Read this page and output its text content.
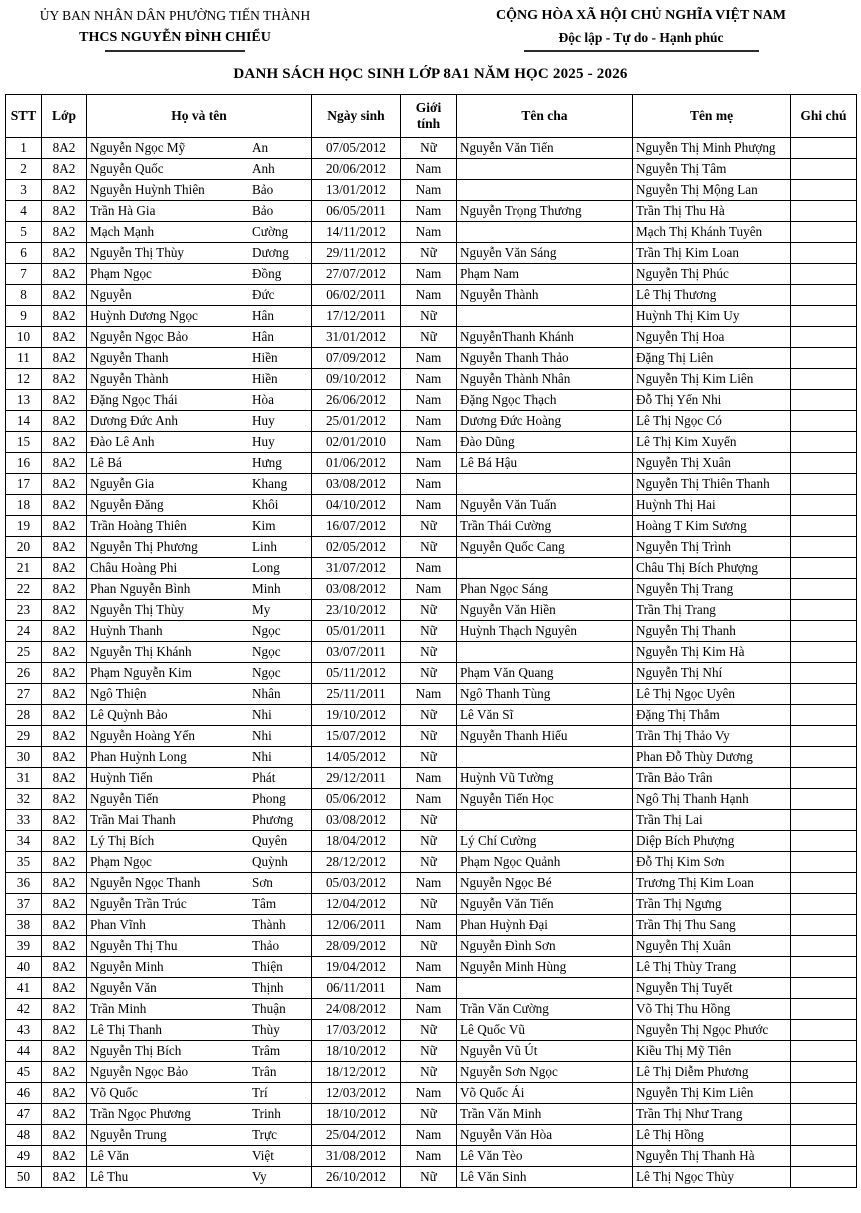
ỦY BAN NHÂN DÂN PHƯỜNG TIẾN THÀNH
THCS NGUYỄN ĐÌNH CHIỂU
CỘNG HÒA XÃ HỘI CHỦ NGHĨA VIỆT NAM
Độc lập - Tự do - Hạnh phúc
DANH SÁCH HỌC SINH LỚP 8A1 NĂM HỌC 2025 - 2026
STT	Lớp	Họ và tên	Ngày sinh	Giới tính	Tên cha	Tên mẹ	Ghi chú
1	8A2	Nguyễn Ngọc Mỹ An	07/05/2012	Nữ	Nguyễn Văn Tiến	Nguyễn Thị Minh Phượng	
2	8A2	Nguyễn Quốc Anh	20/06/2012	Nam		Nguyễn Thị Tâm	
3	8A2	Nguyễn Huỳnh Thiên Bảo	13/01/2012	Nam		Nguyễn Thị Mộng Lan	
4	8A2	Trần Hà Gia Bảo	06/05/2011	Nam	Nguyễn Trọng Thương	Trần Thị Thu Hà	
5	8A2	Mạch Mạnh Cường	14/11/2012	Nam		Mạch Thị Khánh Tuyên	
6	8A2	Nguyễn Thị Thùy Dương	29/11/2012	Nữ	Nguyễn Văn Sáng	Trần Thị Kim Loan	
7	8A2	Phạm Ngọc Đồng	27/07/2012	Nam	Phạm Nam	Nguyễn Thị Phúc	
8	8A2	Nguyễn Đức	06/02/2011	Nam	Nguyễn Thành	Lê Thị Thương	
9	8A2	Huỳnh Dương Ngọc Hân	17/12/2011	Nữ		Huỳnh Thị Kim Uy	
10	8A2	Nguyễn Ngọc Bảo Hân	31/01/2012	Nữ	NguyễnThanh Khánh	Nguyễn Thị Hoa	
11	8A2	Nguyễn Thanh Hiền	07/09/2012	Nam	Nguyễn Thanh Thảo	Đặng Thị Liên	
12	8A2	Nguyễn Thành Hiền	09/10/2012	Nam	Nguyễn Thành Nhân	Nguyễn Thị Kim Liên	
13	8A2	Đặng Ngọc Thái Hòa	26/06/2012	Nam	Đặng Ngọc Thạch	Đỗ Thị Yến Nhi	
14	8A2	Dương Đức Anh Huy	25/01/2012	Nam	Dương Đức Hoàng	Lê Thị Ngọc Có	
15	8A2	Đào Lê Anh Huy	02/01/2010	Nam	Đào Dũng	Lê Thị Kim Xuyến	
16	8A2	Lê Bá Hưng	01/06/2012	Nam	Lê Bá Hậu	Nguyễn Thị Xuân	
17	8A2	Nguyễn Gia Khang	03/08/2012	Nam		Nguyễn Thị Thiên Thanh	
18	8A2	Nguyễn Đăng Khôi	04/10/2012	Nam	Nguyễn Văn Tuấn	Huỳnh Thị Hai	
19	8A2	Trần Hoàng Thiên Kim	16/07/2012	Nữ	Trần Thái Cường	Hoàng T Kim Sương	
20	8A2	Nguyễn Thị Phương Linh	02/05/2012	Nữ	Nguyễn Quốc Cang	Nguyễn Thị Trình	
21	8A2	Châu Hoàng Phi Long	31/07/2012	Nam		Châu Thị Bích Phượng	
22	8A2	Phan Nguyễn Bình Minh	03/08/2012	Nam	Phan Ngọc Sáng	Nguyễn Thị Trang	
23	8A2	Nguyễn Thị Thùy My	23/10/2012	Nữ	Nguyễn Văn Hiền	Trần Thị Trang	
24	8A2	Huỳnh Thanh Ngọc	05/01/2011	Nữ	Huỳnh Thạch Nguyên	Nguyễn Thị Thanh	
25	8A2	Nguyễn Thị Khánh Ngọc	03/07/2011	Nữ		Nguyễn Thị Kim Hà	
26	8A2	Phạm Nguyễn Kim Ngọc	05/11/2012	Nữ	Phạm Văn Quang	Nguyễn Thị Nhí	
27	8A2	Ngô Thiện Nhân	25/11/2011	Nam	Ngô Thanh Tùng	Lê Thị Ngọc Uyên	
28	8A2	Lê Quỳnh Bảo Nhi	19/10/2012	Nữ	Lê Văn Sĩ	Đặng Thị Thắm	
29	8A2	Nguyễn Hoàng Yến Nhi	15/07/2012	Nữ	Nguyễn Thanh Hiếu	Trần Thị Thảo Vy	
30	8A2	Phan Huỳnh Long Nhi	14/05/2012	Nữ		Phan Đỗ Thùy Dương	
31	8A2	Huỳnh Tiến Phát	29/12/2011	Nam	Huỳnh Vũ Tường	Trần Bảo Trân	
32	8A2	Nguyễn Tiến Phong	05/06/2012	Nam	Nguyễn Tiến Học	Ngô Thị Thanh Hạnh	
33	8A2	Trần Mai Thanh Phương	03/08/2012	Nữ		Trần Thị Lai	
34	8A2	Lý Thị Bích Quyên	18/04/2012	Nữ	Lý Chí Cường	Diệp Bích Phượng	
35	8A2	Phạm Ngọc Quỳnh	28/12/2012	Nữ	Phạm Ngọc Quảnh	Đỗ Thị Kim Sơn	
36	8A2	Nguyễn Ngọc Thanh Sơn	05/03/2012	Nam	Nguyễn Ngọc Bé	Trương Thị Kim Loan	
37	8A2	Nguyễn Trần Trúc Tâm	12/04/2012	Nữ	Nguyễn Văn Tiến	Trần Thị Ngưng	
38	8A2	Phan Vĩnh Thành	12/06/2011	Nam	Phan Huỳnh Đại	Trần Thị Thu Sang	
39	8A2	Nguyễn Thị Thu Thảo	28/09/2012	Nữ	Nguyễn Đình Sơn	Nguyễn Thị Xuân	
40	8A2	Nguyễn Minh Thiện	19/04/2012	Nam	Nguyễn Minh Hùng	Lê Thị Thùy Trang	
41	8A2	Nguyễn Văn Thịnh	06/11/2011	Nam		Nguyễn Thị Tuyết	
42	8A2	Trần Minh Thuận	24/08/2012	Nam	Trần Văn Cường	Võ Thị Thu Hồng	
43	8A2	Lê Thị Thanh Thùy	17/03/2012	Nữ	Lê Quốc Vũ	Nguyễn Thị Ngọc Phước	
44	8A2	Nguyễn Thị Bích Trâm	18/10/2012	Nữ	Nguyễn Vũ Út	Kiều Thị Mỹ Tiên	
45	8A2	Nguyễn Ngọc Bảo Trân	18/12/2012	Nữ	Nguyễn Sơn Ngọc	Lê Thị Diễm Phương	
46	8A2	Võ Quốc Trí	12/03/2012	Nam	Võ Quốc Ái	Nguyễn Thị Kim Liên	
47	8A2	Trần Ngọc Phương Trinh	18/10/2012	Nữ	Trần Văn Minh	Trần Thị Như Trang	
48	8A2	Nguyễn Trung Trực	25/04/2012	Nam	Nguyễn Văn Hòa	Lê Thị Hồng	
49	8A2	Lê Văn Việt	31/08/2012	Nam	Lê Văn Tèo	Nguyễn Thị Thanh Hà	
50	8A2	Lê Thu Vy	26/10/2012	Nữ	Lê Văn Sinh	Lê Thị Ngọc Thùy	
